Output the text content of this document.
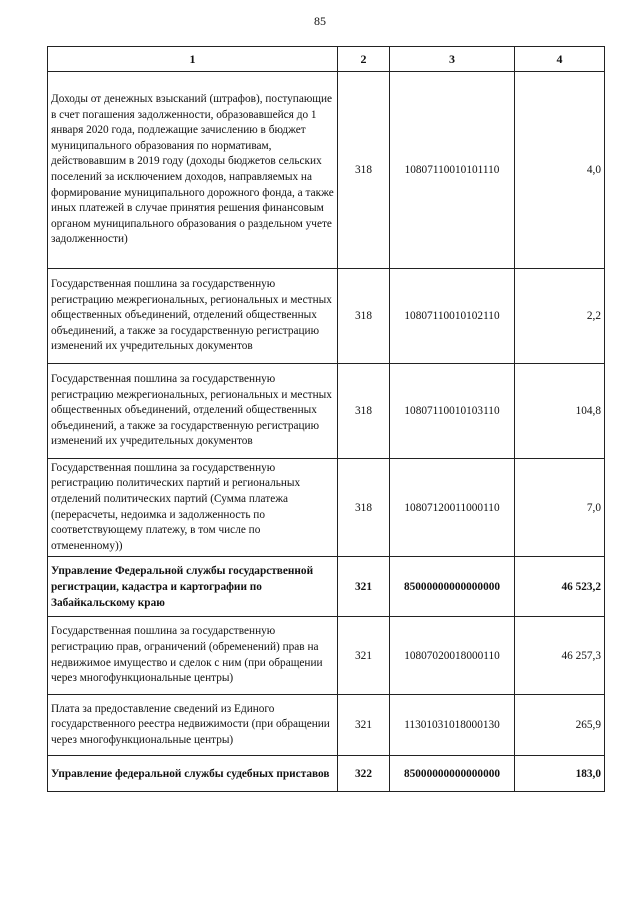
85
1	2	3	4
Доходы от денежных взысканий (штрафов), поступающие в счет погашения задолженности, образовавшейся до 1 января 2020 года, подлежащие зачислению в бюджет муниципального образования по нормативам, действовавшим в 2019 году (доходы бюджетов сельских поселений за исключением доходов, направляемых на формирование муниципального дорожного фонда, а также иных платежей в случае принятия решения финансовым органом муниципального образования о раздельном учете задолженности)	318	10807110010101110	4,0
Государственная пошлина за государственную регистрацию межрегиональных, региональных и местных общественных объединений, отделений общественных объединений, а также за государственную регистрацию изменений их учредительных документов	318	10807110010102110	2,2
Государственная пошлина за государственную регистрацию межрегиональных, региональных и местных общественных объединений, отделений общественных объединений, а также за государственную регистрацию изменений их учредительных документов	318	10807110010103110	104,8
Государственная пошлина за государственную регистрацию политических партий и региональных отделений политических партий (Сумма платежа (перерасчеты, недоимка и задолженность по соответствующему платежу, в том числе по отмененному))	318	10807120011000110	7,0
Управление Федеральной службы государственной регистрации, кадастра и картографии по Забайкальскому краю	321	85000000000000000	46 523,2
Государственная пошлина за государственную регистрацию прав, ограничений (обременений) прав на недвижимое имущество и сделок с ним (при обращении через многофункциональные центры)	321	10807020018000110	46 257,3
Плата за предоставление сведений из Единого государственного реестра недвижимости (при обращении через многофункциональные центры)	321	11301031018000130	265,9
Управление федеральной службы судебных приставов	322	85000000000000000	183,0
